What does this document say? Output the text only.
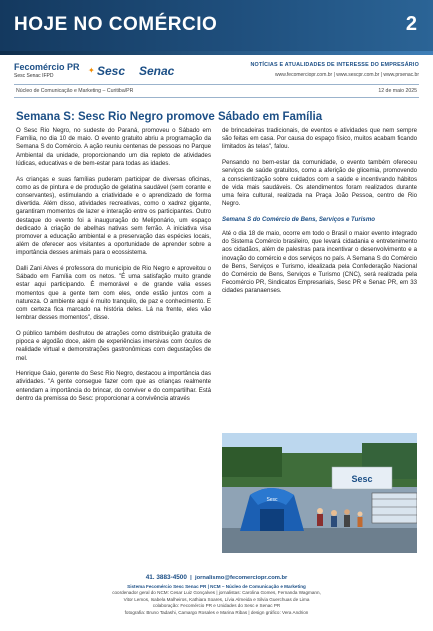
HOJE NO COMÉRCIO	2
Fecomércio PR
Sesc Senac IFPD
✦ Sesc Senac	NOTÍCIAS E ATUALIDADES DE INTERESSE DO EMPRESÁRIO
www.fecomerciopr.com.br | www.sescpr.com.br | www.prsenac.br
Núcleo de Comunicação e Marketing – Curitiba/PR	12 de maio 2025
Semana S: Sesc Rio Negro promove Sábado em Família

O Sesc Rio Negro, no sudeste do Paraná, promoveu o Sábado em Família, no dia 10 de maio. O evento gratuito abriu a programação da Semana S do Comércio. A ação reuniu centenas de pessoas no Parque Ambiental da unidade, proporcionando um dia repleto de atividades lúdicas, educativas e de bem-estar para todas as idades.

As crianças e suas famílias puderam participar de diversas oficinas, como as de pintura e de produção de gelatina saudável (sem corante e conservantes), estimulando a criatividade e o aprendizado de forma divertida. Além disso, atividades recreativas, como o xadrez gigante, garantiram momentos de lazer e interação entre os participantes. Outro destaque do evento foi a inauguração do Meliponário, um espaço dedicado à criação de abelhas nativas sem ferrão. A iniciativa visa promover a educação ambiental e a preservação das espécies locais, além de oferecer aos visitantes a oportunidade de aprender sobre a importância desses animais para o ecossistema.

Dalli Zani Alves é professora do município de Rio Negro e aproveitou o Sábado em Família com os netos. "É uma satisfação muito grande estar aqui participando. É memorável e de grande valia esses momentos que a gente tem com eles, onde estão juntos com a natureza. O ambiente aqui é muito tranquilo, de paz e conhecimento. E com certeza fica marcado na história deles. Lá na frente, eles vão lembrar desses momentos", disse.

O público também desfrutou de atrações como distribuição gratuita de pipoca e algodão doce, além de experiências imersivas com óculos de realidade virtual e demonstrações gastronômicas com degustações de mel.

Henrique Gaio, gerente do Sesc Rio Negro, destacou a importância das atividades. "A gente consegue fazer com que as crianças realmente entendam a importância do brincar, do conviver e do compartilhar. Está dentro da premissa do Sesc: proporcionar a convivência através

de brincadeiras tradicionais, de eventos e atividades que nem sempre são feitas em casa. Por causa do espaço físico, muitos acabam ficando limitados às telas", falou.

Pensando no bem-estar da comunidade, o evento também ofereceu serviços de saúde gratuitos, como a aferição de glicemia, promovendo a conscientização sobre cuidados com a saúde e incentivando hábitos de vida mais saudáveis. Os atendimentos foram realizados durante uma feira cultural, realizada na Praça João Pessoa, centro de Rio Negro.

Semana S do Comércio de Bens, Serviços e Turismo

Até o dia 18 de maio, ocorre em todo o Brasil o maior evento integrado do Sistema Comércio brasileiro, que levará cidadania e entretenimento aos cidadãos, além de palestras para incentivar o desenvolvimento e a inovação do comércio e dos serviços no país. A Semana S do Comércio de Bens, Serviços e Turismo, idealizada pela Confederação Nacional do Comércio de Bens, Serviços e Turismo (CNC), será realizada pela Fecomércio PR, Sindicatos Empresariais, Sesc PR e Senac PR, em 33 cidades paranaenses.

Sesc
Sesc
41. 3883-4500  |  jornalismo@fecomerciopr.com.br
Sistema Fecomércio Sesc Senac PR | NCM – Núcleo de Comunicação e Marketing
coordenador geral do NCM: Cesar Luiz Gonçalves | jornalistas: Carolina Gomes, Fernanda Wagmann,
Vitor Lemos, Isabela Malheiros, Kathiara Soares, Lívia Almeida e Silvia Guerchuas de Lima
colaboração: Fecomércio PR e Unidades do Sesc e Senac PR
fotografia: Bruno Tadashi, Camargo Rosales e Marina Ribas | design gráfico: Vera Andrion
